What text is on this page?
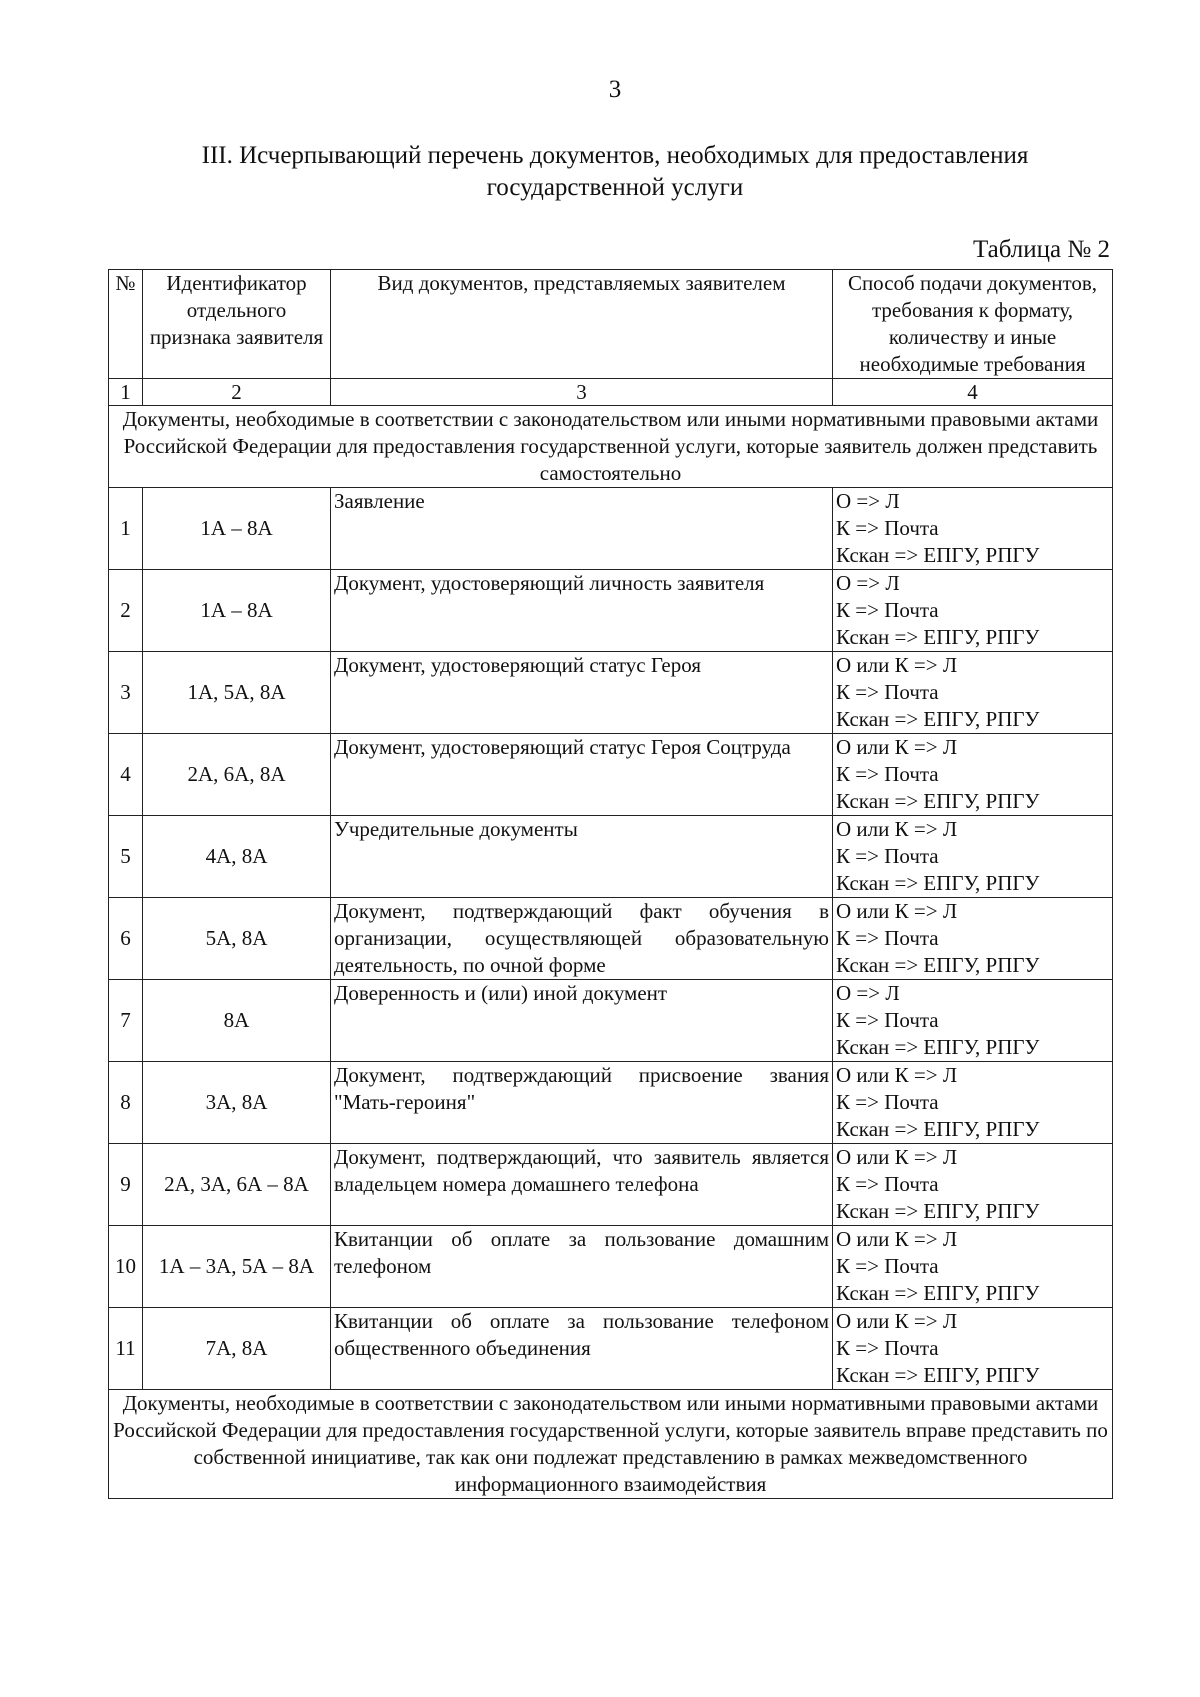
3
III. Исчерпывающий перечень документов, необходимых для предоставления
государственной услуги
Таблица № 2
№	Идентификатор отдельного признака заявителя	Вид документов, представляемых заявителем	Способ подачи документов, требования к формату, количеству и иные необходимые требования
1	2	3	4
Документы, необходимые в соответствии с законодательством или иными нормативными правовыми актами Российской Федерации для предоставления государственной услуги, которые заявитель должен представить самостоятельно			
1	1А – 8А	Заявление	О => Л
К => Почта
Кскан => ЕПГУ, РПГУ

2	1А – 8А	Документ, удостоверяющий личность заявителя	О => Л
К => Почта
Кскан => ЕПГУ, РПГУ

3	1А, 5А, 8А	Документ, удостоверяющий статус Героя	О или К => Л
К => Почта
Кскан => ЕПГУ, РПГУ

4	2А, 6А, 8А	Документ, удостоверяющий статус Героя Соцтруда	О или К => Л
К => Почта
Кскан => ЕПГУ, РПГУ

5	4А, 8А	Учредительные документы	О или К => Л
К => Почта
Кскан => ЕПГУ, РПГУ

6	5А, 8А	Документ, подтверждающий факт обучения в организации, осуществляющей образовательную деятельность, по очной форме	О или К => Л
К => Почта
Кскан => ЕПГУ, РПГУ

7	8А	Доверенность и (или) иной документ	О => Л
К => Почта
Кскан => ЕПГУ, РПГУ

8	3А, 8А	Документ, подтверждающий присвоение звания "Мать-героиня"	О или К => Л
К => Почта
Кскан => ЕПГУ, РПГУ

9	2А, 3А, 6А – 8А	Документ, подтверждающий, что заявитель является владельцем номера домашнего телефона	О или К => Л
К => Почта
Кскан => ЕПГУ, РПГУ

10	1А – 3А, 5А – 8А	Квитанции об оплате за пользование домашним телефоном	О или К => Л
К => Почта
Кскан => ЕПГУ, РПГУ

11	7А, 8А	Квитанции об оплате за пользование телефоном общественного объединения	О или К => Л
К => Почта
Кскан => ЕПГУ, РПГУ

Документы, необходимые в соответствии с законодательством или иными нормативными правовыми актами Российской Федерации для предоставления государственной услуги, которые заявитель вправе представить по собственной инициативе, так как они подлежат представлению в рамках межведомственного информационного взаимодействия			
